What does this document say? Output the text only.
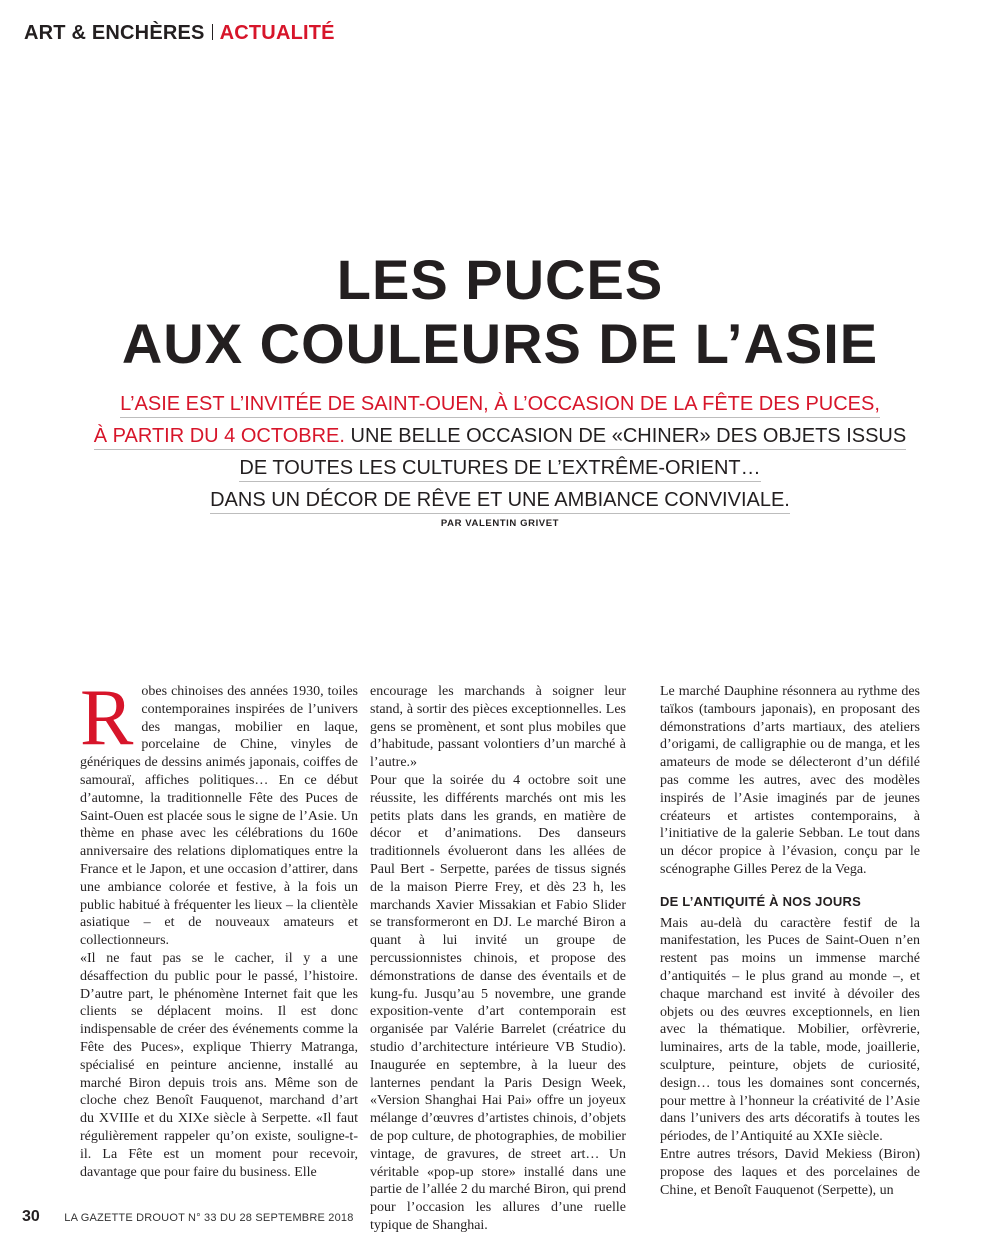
ART & ENCHÈRES ACTUALITÉ
LES PUCES
AUX COULEURS DE L’ASIE
L’ASIE EST L’INVITÉE DE SAINT-OUEN, À L’OCCASION DE LA FÊTE DES PUCES,
À PARTIR DU 4 OCTOBRE. UNE BELLE OCCASION DE «CHINER» DES OBJETS ISSUS
DE TOUTES LES CULTURES DE L’EXTRÊME-ORIENT…
DANS UN DÉCOR DE RÊVE ET UNE AMBIANCE CONVIVIALE.
PAR VALENTIN GRIVET

Robes chinoises des années 1930, toiles contemporaines inspirées de l’univers des mangas, mobilier en laque, porcelaine de Chine, vinyles de génériques de dessins animés japonais, coiffes de samouraï, affiches politiques… En ce début d’automne, la traditionnelle Fête des Puces de Saint-Ouen est placée sous le signe de l’Asie. Un thème en phase avec les célébrations du 160e anniversaire des relations diplomatiques entre la France et le Japon, et une occasion d’attirer, dans une ambiance colorée et festive, à la fois un public habitué à fréquenter les lieux – la clientèle asiatique – et de nouveaux amateurs et collectionneurs.

«Il ne faut pas se le cacher, il y a une désaffection du public pour le passé, l’histoire. D’autre part, le phénomène Internet fait que les clients se déplacent moins. Il est donc indispensable de créer des événements comme la Fête des Puces», explique Thierry Matranga, spécialisé en peinture ancienne, installé au marché Biron depuis trois ans. Même son de cloche chez Benoît Fauquenot, marchand d’art du XVIIIe et du XIXe siècle à Serpette. «Il faut régulièrement rappeler qu’on existe, souligne-t-il. La Fête est un moment pour recevoir, davantage que pour faire du business. Elle

encourage les marchands à soigner leur stand, à sortir des pièces exceptionnelles. Les gens se promènent, et sont plus mobiles que d’habitude, passant volontiers d’un marché à l’autre.»

Pour que la soirée du 4 octobre soit une réussite, les différents marchés ont mis les petits plats dans les grands, en matière de décor et d’animations. Des danseurs traditionnels évolueront dans les allées de Paul Bert - Serpette, parées de tissus signés de la maison Pierre Frey, et dès 23 h, les marchands Xavier Missakian et Fabio Slider se transformeront en DJ. Le marché Biron a quant à lui invité un groupe de percussionnistes chinois, et propose des démonstrations de danse des éventails et de kung-fu. Jusqu’au 5 novembre, une grande exposition-vente d’art contemporain est organisée par Valérie Barrelet (créatrice du studio d’architecture intérieure VB Studio). Inaugurée en septembre, à la lueur des lanternes pendant la Paris Design Week, «Version Shanghai Hai Pai» offre un joyeux mélange d’œuvres d’artistes chinois, d’objets de pop culture, de photographies, de mobilier vintage, de gravures, de street art… Un véritable «pop-up store» installé dans une partie de l’allée 2 du marché Biron, qui prend pour l’occasion les allures d’une ruelle typique de Shanghai.

Le marché Dauphine résonnera au rythme des taïkos (tambours japonais), en proposant des démonstrations d’arts martiaux, des ateliers d’origami, de calligraphie ou de manga, et les amateurs de mode se délecteront d’un défilé pas comme les autres, avec des modèles inspirés de l’Asie imaginés par de jeunes créateurs et artistes contemporains, à l’initiative de la galerie Sebban. Le tout dans un décor propice à l’évasion, conçu par le scénographe Gilles Perez de la Vega.

DE L’ANTIQUITÉ À NOS JOURS

Mais au-delà du caractère festif de la manifestation, les Puces de Saint-Ouen n’en restent pas moins un immense marché d’antiquités – le plus grand au monde –, et chaque marchand est invité à dévoiler des objets ou des œuvres exceptionnels, en lien avec la thématique. Mobilier, orfèvrerie, luminaires, arts de la table, mode, joaillerie, sculpture, peinture, objets de curiosité, design… tous les domaines sont concernés, pour mettre à l’honneur la créativité de l’Asie dans l’univers des arts décoratifs à toutes les périodes, de l’Antiquité au XXIe siècle.

Entre autres trésors, David Mekiess (Biron) propose des laques et des porcelaines de Chine, et Benoît Fauquenot (Serpette), un

30 LA GAZETTE DROUOT N° 33 DU 28 SEPTEMBRE 2018
